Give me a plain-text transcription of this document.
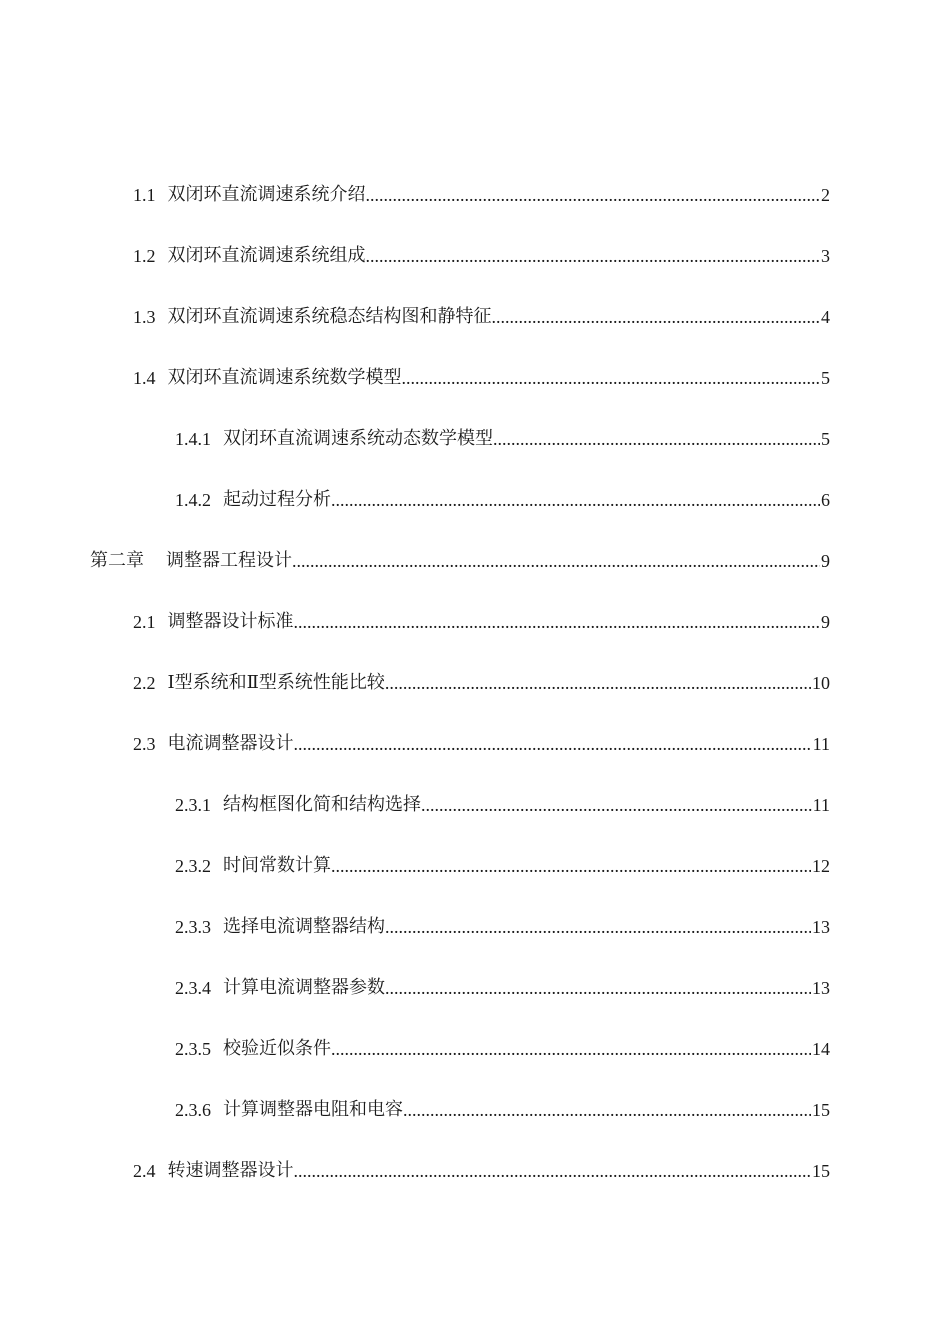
1.1 双闭环直流调速系统介绍 .....	2
1.2 双闭环直流调速系统组成 .....	3
1.3 双闭环直流调速系统稳态结构图和静特征 .....	4
1.4 双闭环直流调速系统数学模型 .....	5
1.4.1 双闭环直流调速系统动态数学模型 .....	5
1.4.2 起动过程分析 .....	6
第二章 调整器工程设计 .....	9
2.1 调整器设计标准 .....	9
2.2 Ⅰ型系统和Ⅱ型系统性能比较 .....	10
2.3 电流调整器设计 .....	11
2.3.1 结构框图化简和结构选择 .....	11
2.3.2 时间常数计算 .....	12
2.3.3 选择电流调整器结构 .....	13
2.3.4 计算电流调整器参数 .....	13
2.3.5 校验近似条件 .....	14
2.3.6 计算调整器电阻和电容 .....	15
2.4 转速调整器设计 .....	15
